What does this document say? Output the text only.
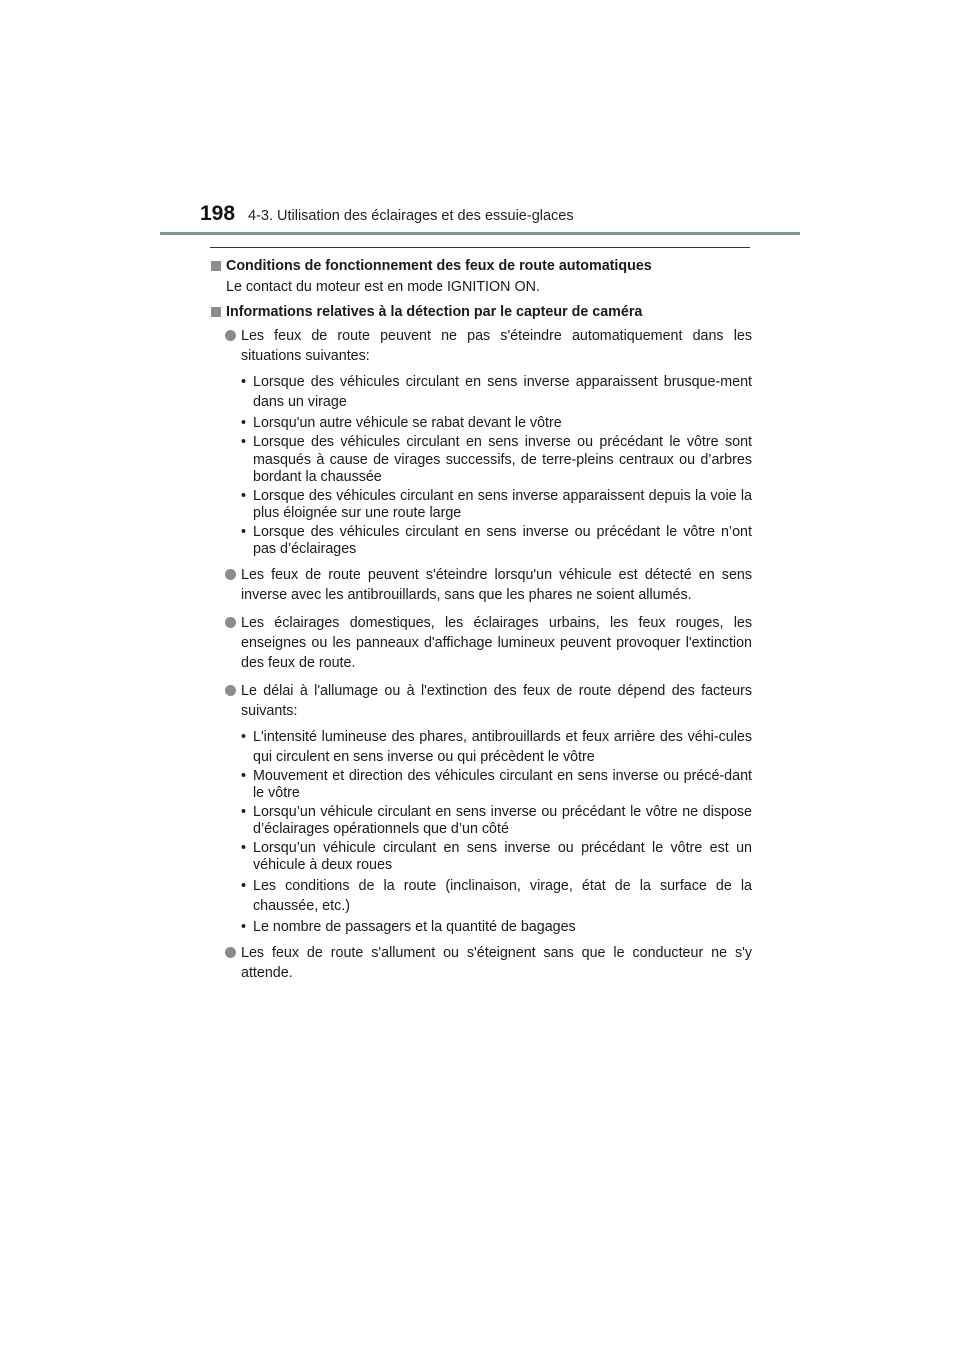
198 4-3. Utilisation des éclairages et des essuie-glaces
Conditions de fonctionnement des feux de route automatiques
Le contact du moteur est en mode IGNITION ON.
Informations relatives à la détection par le capteur de caméra
Les feux de route peuvent ne pas s'éteindre automatiquement dans les situations suivantes:
• Lorsque des véhicules circulant en sens inverse apparaissent brusque-ment dans un virage
• Lorsqu'un autre véhicule se rabat devant le vôtre
• Lorsque des véhicules circulant en sens inverse ou précédant le vôtre sont masqués à cause de virages successifs, de terre-pleins centraux ou d’arbres bordant la chaussée
• Lorsque des véhicules circulant en sens inverse apparaissent depuis la voie la plus éloignée sur une route large
• Lorsque des véhicules circulant en sens inverse ou précédant le vôtre n’ont pas d’éclairages
Les feux de route peuvent s'éteindre lorsqu'un véhicule est détecté en sens inverse avec les antibrouillards, sans que les phares ne soient allumés.
Les éclairages domestiques, les éclairages urbains, les feux rouges, les enseignes ou les panneaux d'affichage lumineux peuvent provoquer l'extinction des feux de route.
Le délai à l'allumage ou à l'extinction des feux de route dépend des facteurs suivants:
• L'intensité lumineuse des phares, antibrouillards et feux arrière des véhi-cules qui circulent en sens inverse ou qui précèdent le vôtre
• Mouvement et direction des véhicules circulant en sens inverse ou précé-dant le vôtre
• Lorsqu’un véhicule circulant en sens inverse ou précédant le vôtre ne dispose d’éclairages opérationnels que d’un côté
• Lorsqu’un véhicule circulant en sens inverse ou précédant le vôtre est un véhicule à deux roues
• Les conditions de la route (inclinaison, virage, état de la surface de la chaussée, etc.)
• Le nombre de passagers et la quantité de bagages
Les feux de route s'allument ou s'éteignent sans que le conducteur ne s'y attende.
